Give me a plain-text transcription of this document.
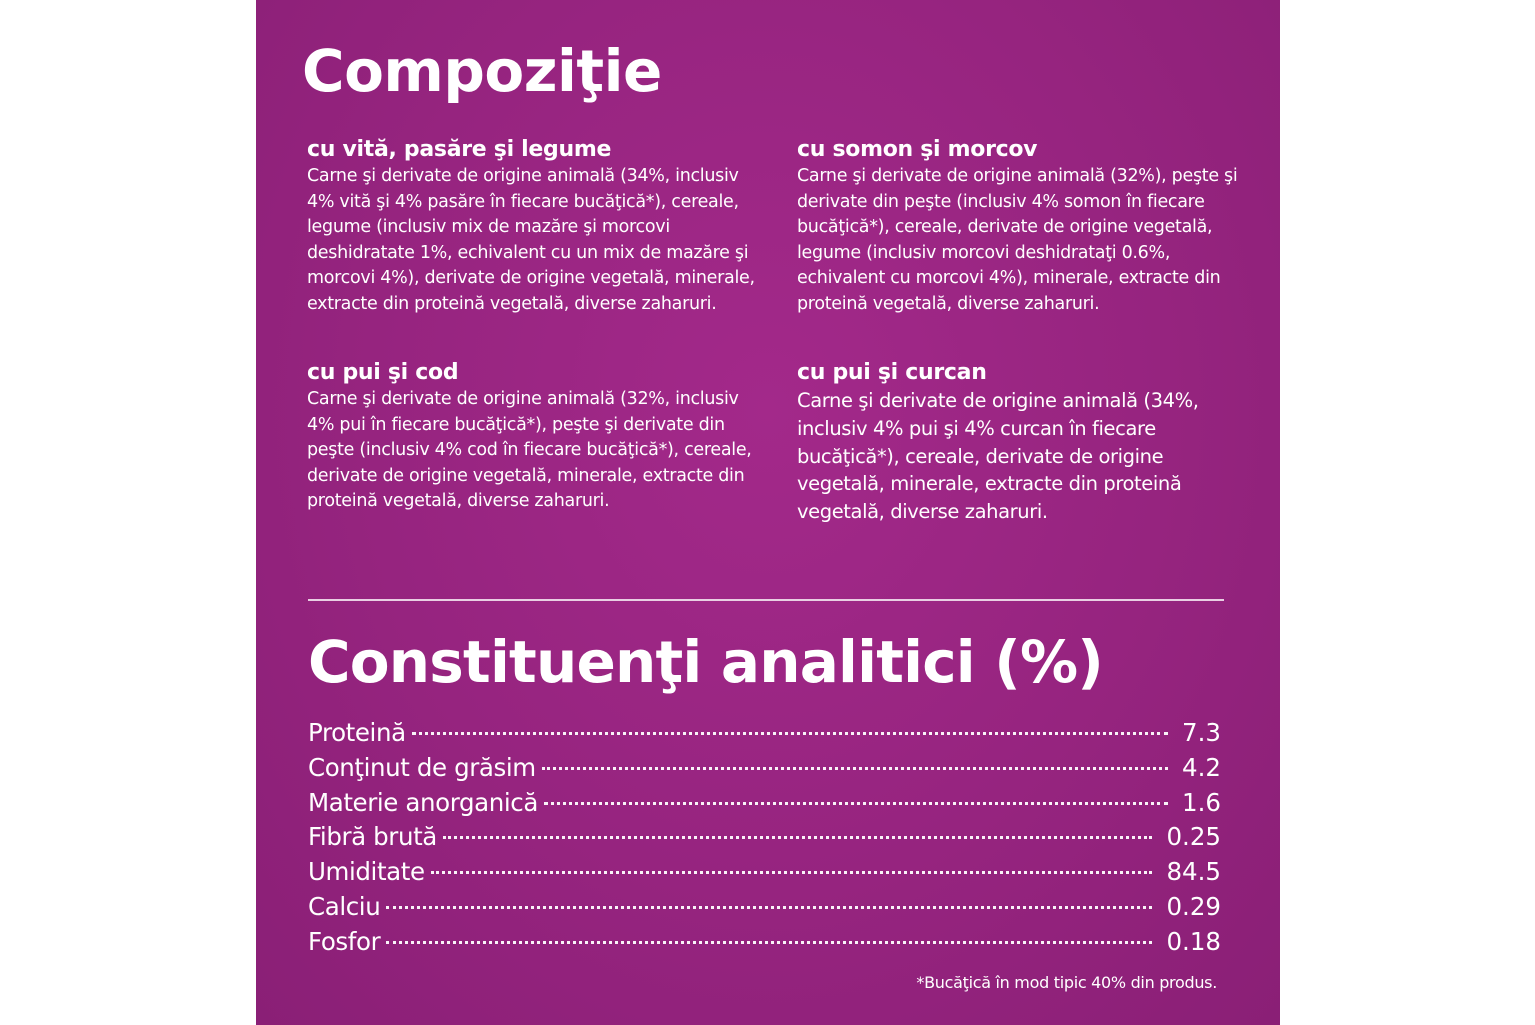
Compoziţie
cu vită, pasăre şi legume

Carne şi derivate de origine animală (34%, inclusiv 4% vită şi 4% pasăre în fiecare bucăţică*), cereale, legume (inclusiv mix de mazăre şi morcovi deshidratate 1%, echivalent cu un mix de mazăre şi morcovi 4%), derivate de origine vegetală, minerale, extracte din proteină vegetală, diverse zaharuri.

cu somon şi morcov

Carne şi derivate de origine animală (32%), peşte şi derivate din peşte (inclusiv 4% somon în fiecare bucăţică*), cereale, derivate de origine vegetală, legume (inclusiv morcovi deshidrataţi 0.6%, echivalent cu morcovi 4%), minerale, extracte din proteină vegetală, diverse zaharuri.

cu pui şi cod

Carne şi derivate de origine animală (32%, inclusiv 4% pui în fiecare bucăţică*), peşte şi derivate din peşte (inclusiv 4% cod în fiecare bucăţică*), cereale, derivate de origine vegetală, minerale, extracte din proteină vegetală, diverse zaharuri.

cu pui şi curcan

Carne şi derivate de origine animală (34%, inclusiv 4% pui şi 4% curcan în fiecare bucăţică*), cereale, derivate de origine vegetală, minerale, extracte din proteină vegetală, diverse zaharuri.

Constituenţi analitici (%)
Proteină	7.3
Conţinut de grăsim	4.2
Materie anorganică	1.6
Fibră brută	0.25
Umiditate	84.5
Calciu	0.29
Fosfor	0.18

*Bucăţică în mod tipic 40% din produs.
